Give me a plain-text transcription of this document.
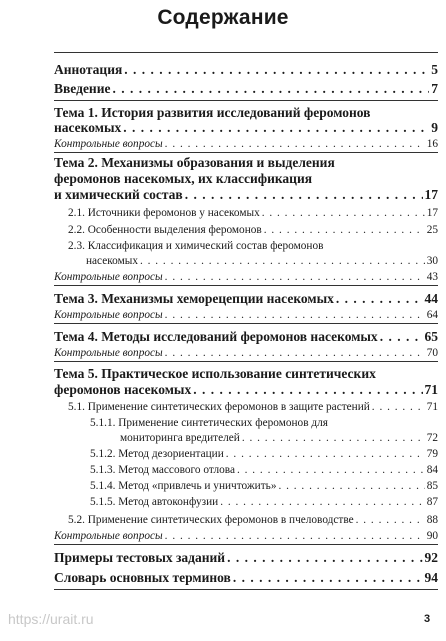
Содержание
Аннотация . . .	5
Введение . . .	7
Тема 1. История развития исследований феромонов
насекомых . . .	9
Контрольные вопросы . . .	16
Тема 2. Механизмы образования и выделения
феромонов насекомых, их классификация
и химический состав . . .	17
2.1. Источники феромонов у насекомых . . .	17
2.2. Особенности выделения феромонов . . .	25
2.3. Классификация и химический состав феромонов
насекомых . . .	30
Контрольные вопросы . . .	43
Тема 3. Механизмы хеморецепции насекомых . . .	44
Контрольные вопросы . . .	64
Тема 4. Методы исследований феромонов насекомых . . .	65
Контрольные вопросы . . .	70
Тема 5. Практическое использование синтетических
феромонов насекомых . . .	71
5.1. Применение синтетических феромонов в защите растений . . .	71
5.1.1. Применение синтетических феромонов для
мониторинга вредителей . . .	72
5.1.2. Метод дезориентации . . .	79
5.1.3. Метод массового отлова . . .	84
5.1.4. Метод «привлечь и уничтожить» . . .	85
5.1.5. Метод автоконфузии . . .	87
5.2. Применение синтетических феромонов в пчеловодстве . . .	88
Контрольные вопросы . . .	90
Примеры тестовых заданий . . .	92
Словарь основных терминов . . .	94
https://urait.ru	3
